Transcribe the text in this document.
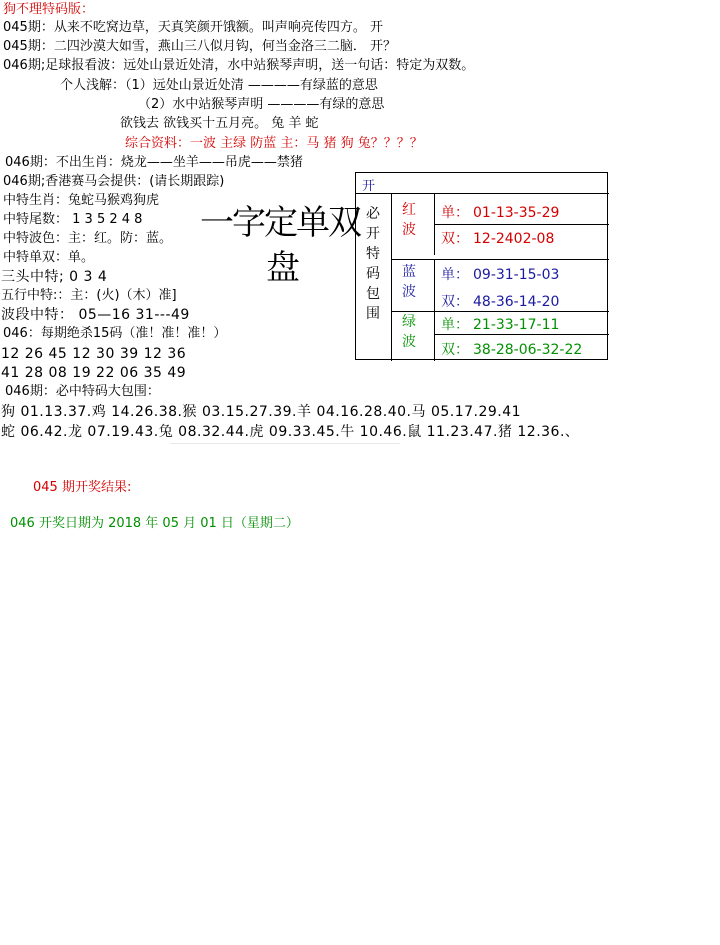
狗不理特码版：
045期：从来不吃窝边草，天真笑颜开饿额。叫声响亮传四方。 开
045期：二四沙漠大如雪，燕山三八似月钩，何当金洛三二脑． 开？
046期;足球报看波：远处山景近处清，水中站猴琴声明，送一句话：特定为双数。
个人浅解：（1）远处山景近处清 ————有绿蓝的意思
（2）水中站猴琴声明 ————有绿的意思
欲钱去 欲钱买十五月亮。 兔 羊 蛇
综合资料：一波 主绿 防蓝 主：马 猪 狗 兔？？？？
046期：不出生肖：烧龙——坐羊——吊虎——禁猪
046期;香港赛马会提供：(请长期跟踪)
中特生肖：兔蛇马猴鸡狗虎
中特尾数： 1 3 5 2 4 8
中特波色：主：红。防：蓝。
中特单双：单。
三头中特; 0 3 4
五行中特:：主：(火)（木）准]
波段中特： 05—16 31---49
046：每期绝杀15码（准！准！准！）
12 26 45 12 30 39 12 36
41 28 08 19 22 06 35 49
046期：必中特码大包围：
一字定单双
盘
开
必开特码包围
红波
单： 01-13-35-29
双： 12-2402-08
蓝波
单： 09-31-15-03
双： 48-36-14-20
绿波
单： 21-33-17-11
双： 38-28-06-32-22
狗 01.13.37.鸡 14.26.38.猴 03.15.27.39.羊 04.16.28.40.马 05.17.29.41
蛇 06.42.龙 07.19.43.兔 08.32.44.虎 09.33.45.牛 10.46.鼠 11.23.47.猪 12.36.、
045 期开奖结果:
046 开奖日期为 2018 年 05 月 01 日（星期二）
